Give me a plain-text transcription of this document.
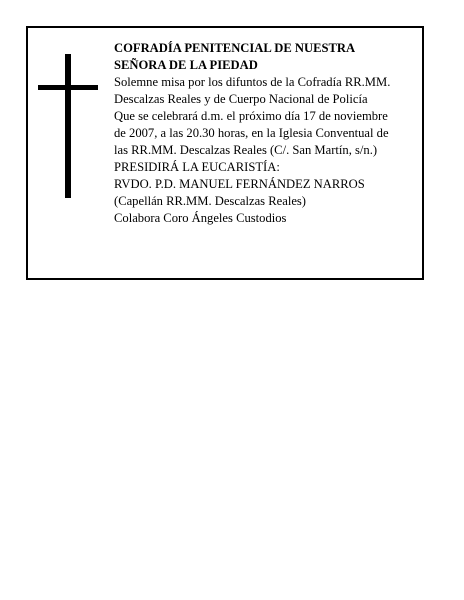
COFRADÍA PENITENCIAL DE NUESTRA

SEÑORA DE LA PIEDAD

Solemne misa por los difuntos de la Cofradía RR.MM.

Descalzas Reales y de Cuerpo Nacional de Policía

Que se celebrará d.m. el próximo día 17 de noviembre

de 2007, a las 20.30 horas, en la Iglesia Conventual de

las RR.MM. Descalzas Reales (C/. San Martín, s/n.)

PRESIDIRÁ LA EUCARISTÍA:

RVDO. P.D. MANUEL FERNÁNDEZ NARROS

(Capellán RR.MM. Descalzas Reales)

Colabora Coro Ángeles Custodios
